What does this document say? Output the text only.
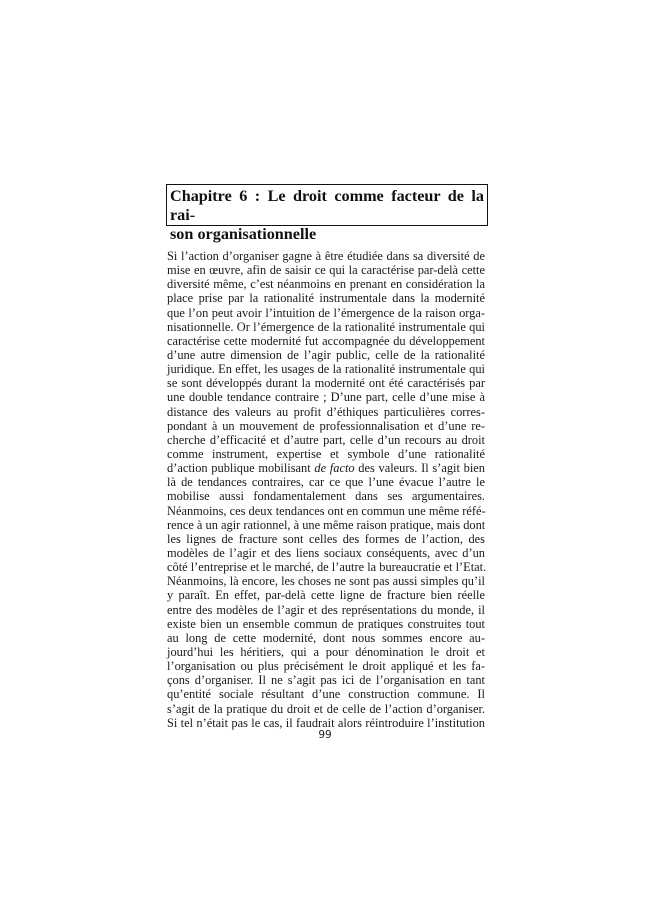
Chapitre 6 : Le droit comme facteur de la rai-
son organisationnelle
Si l’action d’organiser gagne à être étudiée dans sa diversité de
mise en œuvre, afin de saisir ce qui la caractérise par-delà cette
diversité même, c’est néanmoins en prenant en considération la
place prise par la rationalité instrumentale dans la modernité
que l’on peut avoir l’intuition de l’émergence de la raison orga-
nisationnelle. Or l’émergence de la rationalité instrumentale qui
caractérise cette modernité fut accompagnée du développement
d’une autre dimension de l’agir public, celle de la rationalité
juridique. En effet, les usages de la rationalité instrumentale qui
se sont développés durant la modernité ont été caractérisés par
une double tendance contraire ; D’une part, celle d’une mise à
distance des valeurs au profit d’éthiques particulières corres-
pondant à un mouvement de professionnalisation et d’une re-
cherche d’efficacité et d’autre part, celle d’un recours au droit
comme instrument, expertise et symbole d’une rationalité
d’action publique mobilisant de facto des valeurs. Il s’agit bien
là de tendances contraires, car ce que l’une évacue l’autre le
mobilise aussi fondamentalement dans ses argumentaires.
Néanmoins, ces deux tendances ont en commun une même réfé-
rence à un agir rationnel, à une même raison pratique, mais dont
les lignes de fracture sont celles des formes de l’action, des
modèles de l’agir et des liens sociaux conséquents, avec d’un
côté l’entreprise et le marché, de l’autre la bureaucratie et l’Etat.
Néanmoins, là encore, les choses ne sont pas aussi simples qu’il
y paraît. En effet, par-delà cette ligne de fracture bien réelle
entre des modèles de l’agir et des représentations du monde, il
existe bien un ensemble commun de pratiques construites tout
au long de cette modernité, dont nous sommes encore au-
jourd’hui les héritiers, qui a pour dénomination le droit et
l’organisation ou plus précisément le droit appliqué et les fa-
çons d’organiser. Il ne s’agit pas ici de l’organisation en tant
qu’entité sociale résultant d’une construction commune. Il
s’agit de la pratique du droit et de celle de l’action d’organiser.
Si tel n’était pas le cas, il faudrait alors réintroduire l’institution
99
